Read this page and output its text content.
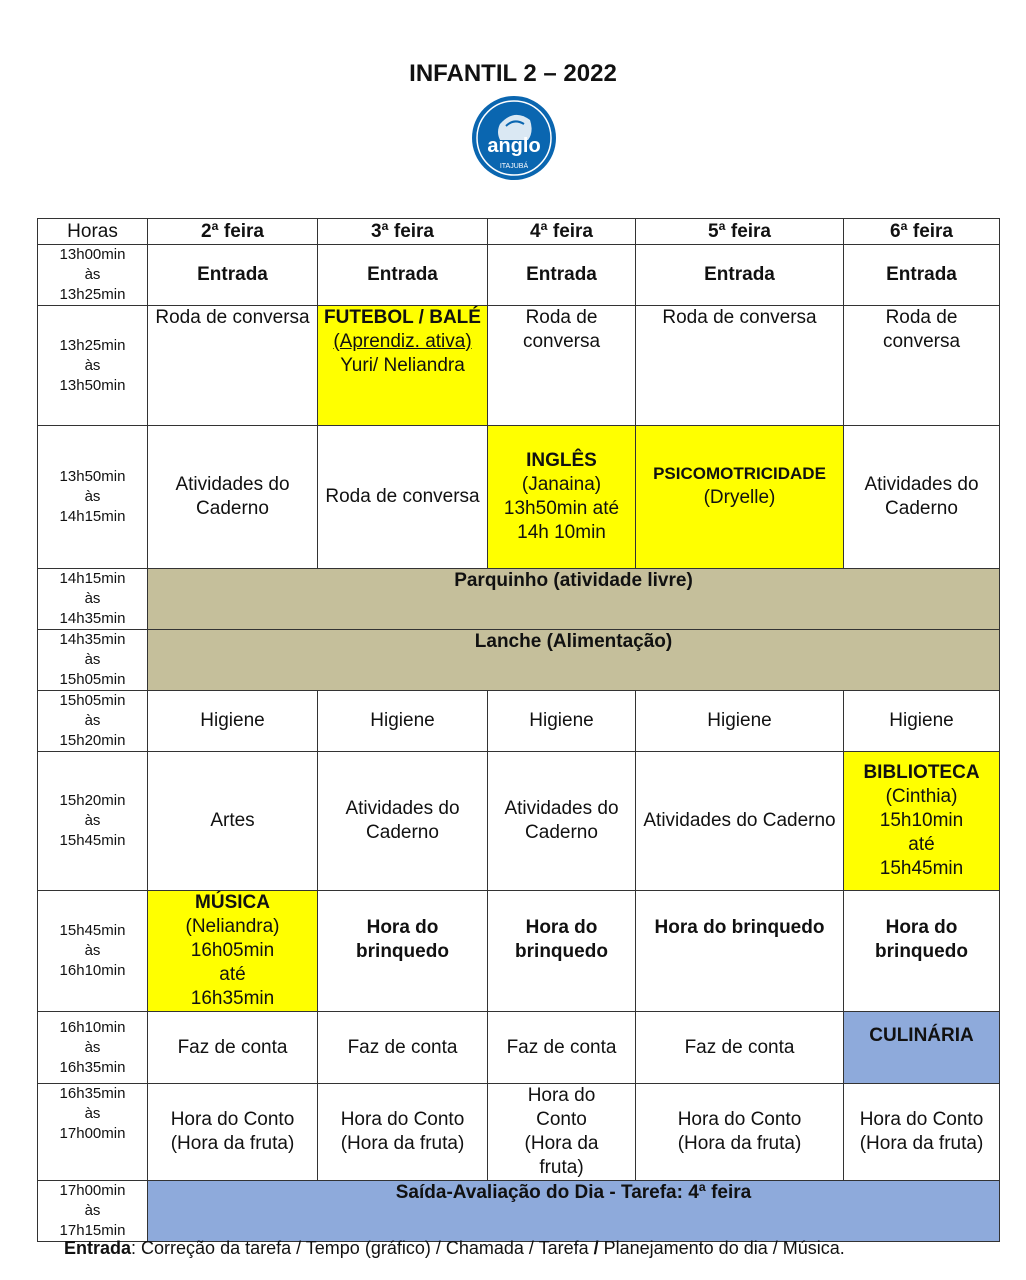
INFANTIL 2 – 2022
anglo
ITAJUBÁ
Horas	2ª feira	3ª feira	4ª feira	5ª feira	6ª feira

13h00min
às
13h25min	Entrada	Entrada	Entrada	Entrada	Entrada

13h25min
às
13h50min	Roda de conversa	FUTEBOL / BALÉ
(Aprendiz. ativa)
Yuri/ Neliandra	Roda de conversa	Roda de conversa	Roda de conversa

13h50min
às
14h15min	Atividades do Caderno	Roda de conversa	INGLÊS
(Janaina)
13h50min até 14h 10min	PSICOMOTRICIDADE
(Dryelle)	Atividades do Caderno

14h15min
às
14h35min	Parquinho (atividade livre)				

14h35min
às
15h05min	Lanche (Alimentação)				

15h05min
às
15h20min	Higiene	Higiene	Higiene	Higiene	Higiene

15h20min
às
15h45min	Artes	Atividades do Caderno	Atividades do Caderno	Atividades do Caderno	BIBLIOTECA
(Cinthia)
15h10min
até
15h45min

15h45min
às
16h10min	MÚSICA
(Neliandra)
16h05min
até
16h35min	Hora do brinquedo	Hora do brinquedo	Hora do brinquedo	Hora do brinquedo

16h10min
às
16h35min	Faz de conta	Faz de conta	Faz de conta	Faz de conta	CULINÁRIA

16h35min
às
17h00min	Hora do Conto
(Hora da fruta)	Hora do Conto
(Hora da fruta)	Hora do
Conto
(Hora da
fruta)	Hora do Conto
(Hora da fruta)	Hora do Conto
(Hora da fruta)

17h00min
às
17h15min	Saída-Avaliação do Dia - Tarefa: 4ª feira				
Entrada: Correção da tarefa / Tempo (gráfico) / Chamada / Tarefa / Planejamento do dia / Música.
